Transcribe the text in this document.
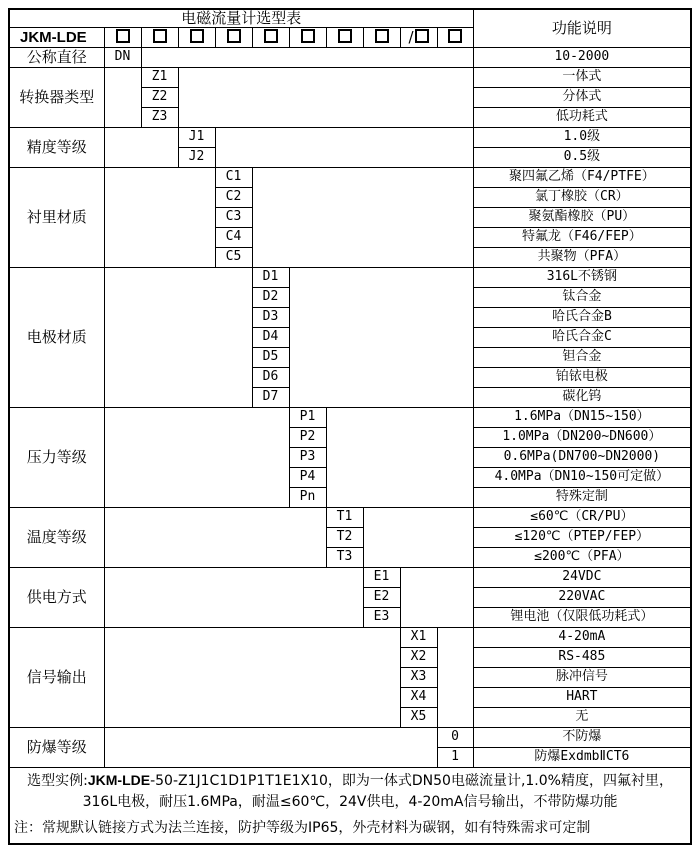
电磁流量计选型表											功能说明
JKM-LDE									/		
公称直径	DN										10-2000
转换器类型		Z1									一体式
		Z2									分体式
		Z3									低功耗式
精度等级			J1								1.0级
			J2								0.5级
衬里材质				C1							聚四氟乙烯（F4/PTFE）
				C2							氯丁橡胶（CR）
				C3							聚氨酯橡胶（PU）
				C4							特氟龙（F46/FEP）
				C5							共聚物（PFA）
电极材质					D1						316L不锈钢
					D2						钛合金
					D3						哈氏合金B
					D4						哈氏合金C
					D5						钽合金
					D6						铂铱电极
					D7						碳化钨
压力等级						P1					1.6MPa（DN15~150）
						P2					1.0MPa（DN200~DN600）
						P3					0.6MPa(DN700~DN2000)
						P4					4.0MPa（DN10~150可定做）
						Pn					特殊定制
温度等级							T1				≤60℃（CR/PU）
							T2				≤120℃（PTEP/FEP）
							T3				≤200℃（PFA）
供电方式								E1			24VDC
								E2			220VAC
								E3			锂电池（仅限低功耗式）
信号输出									X1		4-20mA
									X2		RS-485
									X3		脉冲信号
									X4		HART
									X5		无
防爆等级										0	不防爆
										1	防爆ExdmbⅡCT6
选型实例:JKM-LDE-50-Z1J1C1D1P1T1E1X10，即为一体式DN50电磁流量计,1.0%精度，四氟衬里，316L电极，耐压1.6MPa，耐温≤60℃，24V供电，4-20mA信号输出，不带防爆功能											
注：常规默认链接方式为法兰连接，防护等级为IP65，外壳材料为碳钢，如有特殊需求可定制											
